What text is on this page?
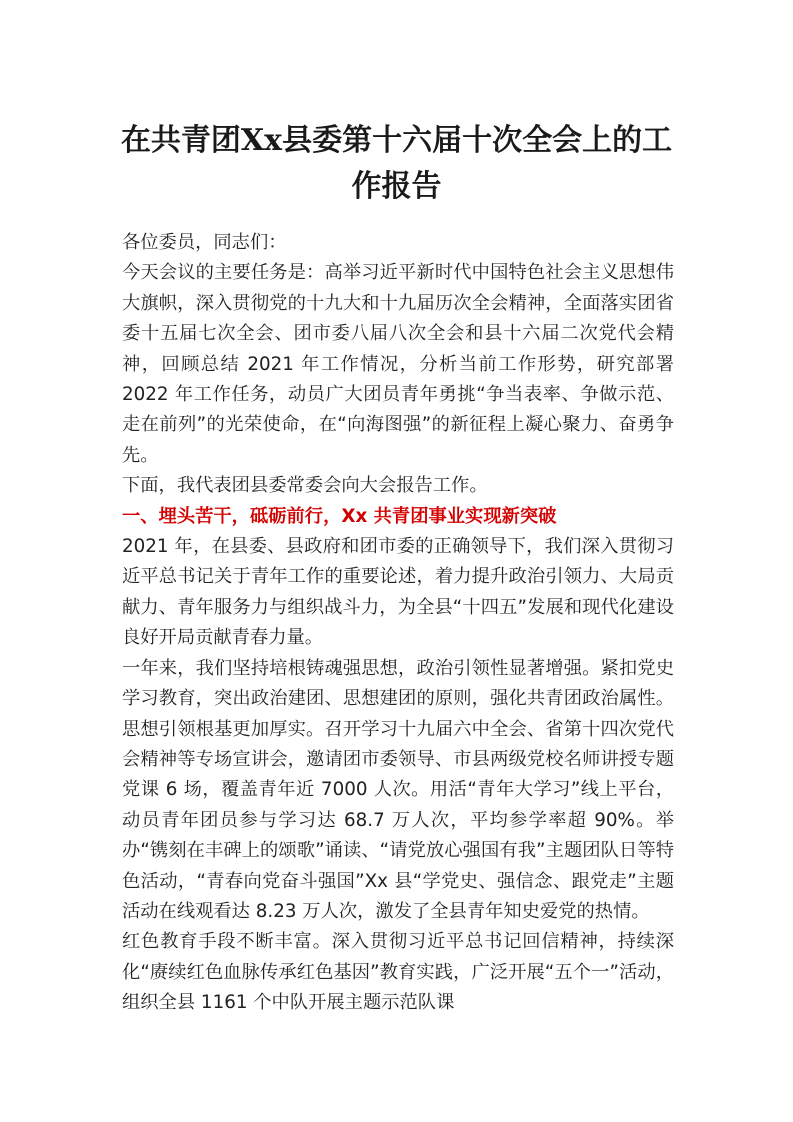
在共青团Xx县委第十六届十次全会上的工
作报告

各位委员，同志们：

今天会议的主要任务是：高举习近平新时代中国特色社会主义思想伟大旗帜，深入贯彻党的十九大和十九届历次全会精神，全面落实团省委十五届七次全会、团市委八届八次全会和县十六届二次党代会精神，回顾总结 2021 年工作情况，分析当前工作形势，研究部署 2022 年工作任务，动员广大团员青年勇挑“争当表率、争做示范、走在前列”的光荣使命，在“向海图强”的新征程上凝心聚力、奋勇争先。

下面，我代表团县委常委会向大会报告工作。

一、埋头苦干，砥砺前行，Xx 共青团事业实现新突破

2021 年，在县委、县政府和团市委的正确领导下，我们深入贯彻习近平总书记关于青年工作的重要论述，着力提升政治引领力、大局贡献力、青年服务力与组织战斗力，为全县“十四五”发展和现代化建设良好开局贡献青春力量。

一年来，我们坚持培根铸魂强思想，政治引领性显著增强。紧扣党史学习教育，突出政治建团、思想建团的原则，强化共青团政治属性。思想引领根基更加厚实。召开学习十九届六中全会、省第十四次党代会精神等专场宣讲会，邀请团市委领导、市县两级党校名师讲授专题党课 6 场，覆盖青年近 7000 人次。用活“青年大学习”线上平台，动员青年团员参与学习达 68.7 万人次，平均参学率超 90%。举办“镌刻在丰碑上的颂歌”诵读、“请党放心强国有我”主题团队日等特色活动，“青春向党奋斗强国”Xx 县“学党史、强信念、跟党走”主题活动在线观看达 8.23 万人次，激发了全县青年知史爱党的热情。

红色教育手段不断丰富。深入贯彻习近平总书记回信精神，持续深化“赓续红色血脉传承红色基因”教育实践，广泛开展“五个一”活动，组织全县 1161 个中队开展主题示范队课
